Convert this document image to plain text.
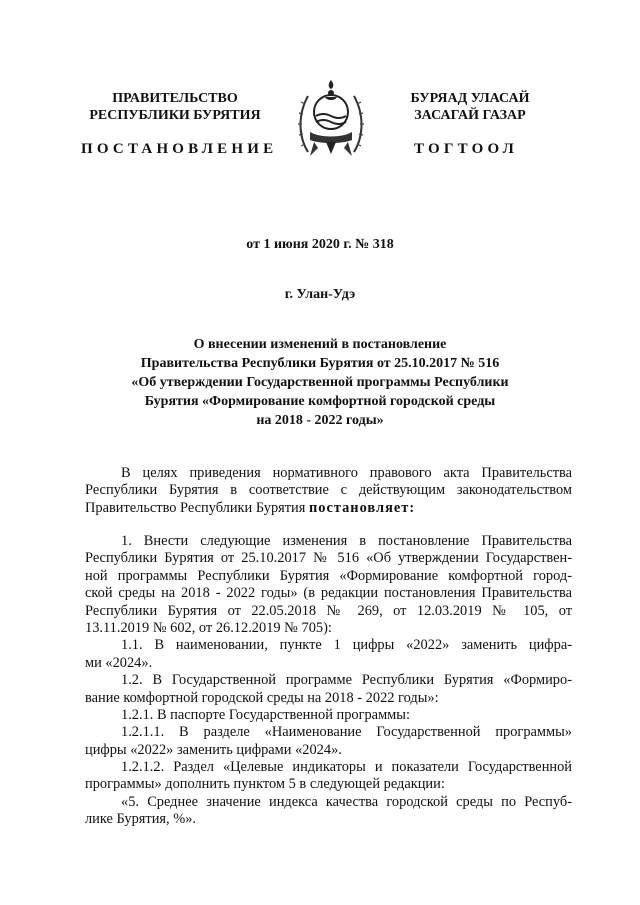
ПРАВИТЕЛЬСТВО
РЕСПУБЛИКИ БУРЯТИЯ
БУРЯАД УЛАСАЙ
ЗАСАГАЙ ГАЗАР
ПОСТАНОВЛЕНИЕ	ТОГТООЛ
от 1 июня 2020 г. № 318
г. Улан-Удэ
О внесении изменений в постановление
Правительства Республики Бурятия от 25.10.2017 № 516
«Об утверждении Государственной программы Республики
Бурятия «Формирование комфортной городской среды
на 2018 - 2022 годы»
В целях приведения нормативного правового акта Правительства
Республики Бурятия в соответствие с действующим законодательством
Правительство Республики Бурятия постановляет:
1. Внести следующие изменения в постановление Правительства
Республики Бурятия от 25.10.2017 № 516 «Об утверждении Государствен-
ной программы Республики Бурятия «Формирование комфортной город-
ской среды на 2018 - 2022 годы» (в редакции постановления Правительства
Республики Бурятия от 22.05.2018 № 269, от 12.03.2019 № 105, от
13.11.2019 № 602, от 26.12.2019 № 705):
1.1. В наименовании, пункте 1 цифры «2022» заменить цифра-
ми «2024».
1.2. В Государственной программе Республики Бурятия «Формиро-
вание комфортной городской среды на 2018 - 2022 годы»:
1.2.1. В паспорте Государственной программы:
1.2.1.1. В разделе «Наименование Государственной программы»
цифры «2022» заменить цифрами «2024».
1.2.1.2. Раздел «Целевые индикаторы и показатели Государственной
программы» дополнить пунктом 5 в следующей редакции:
«5. Среднее значение индекса качества городской среды по Респуб-
лике Бурятия, %».
